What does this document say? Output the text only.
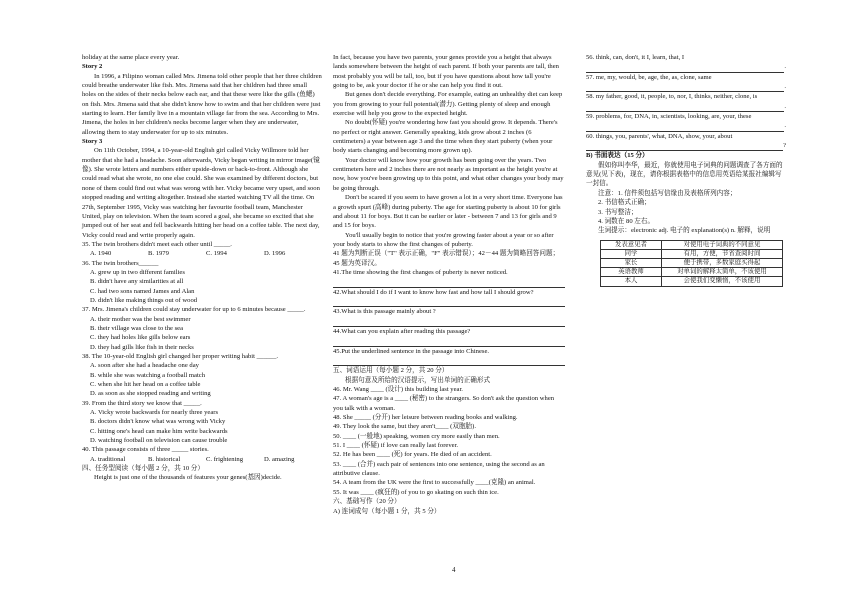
holiday at the same place every year.

Story 2

In 1996, a Filipino woman called Mrs. Jimena told other people that her three children could breathe underwater like fish. Mrs. Jimena said that her children had three small holes on the sides of their necks below each ear, and that these were like the gills (鱼鳃) on fish. Mrs. Jimena said that she didn't know how to swim and that her children were just starting to learn. Her family live in a mountain village far from the sea. According to Mrs. Jimena, the holes in her children's necks become larger when they are underwater, allowing them to stay underwater for up to six minutes.

Story 3

On 11th October, 1994, a 10-year-old English girl called Vicky Willmore told her mother that she had a headache. Soon afterwards, Vicky began writing in mirror image(镜像). She wrote letters and numbers either upside-down or back-to-front. Although she could read what she wrote, no one else could. She was examined by different doctors, but none of them could find out what was wrong with her. Vicky became very upset, and soon stopped reading and writing altogether. Instead she started watching TV all the time. On 27th, September 1995, Vicky was watching her favourite football team, Manchester United, play on television. When the team scored a goal, she became so excited that she jumped out of her seat and fell backwards hitting her head on a coffee table. The next day, Vicky could read and write properly again.

35. The twin brothers didn't meet each other until _____.

A. 1940	B. 1979	C. 1994	D. 1996

36. The twin brothers______

A. grew up in two different families

B. didn't have any similarities at all

C. had two sons named James and Alan

D. didn't like making things out of wood

37. Mrs. Jimena's children could stay underwater for up to 6 minutes because _____.

A. their mother was the best swimmer

B. their village was close to the sea

C. they had holes like gills below ears

D. they had gills like fish in their necks

38. The 10-year-old English girl changed her proper writing habit ______.

A. soon after she had a headache one day

B. while she was watching a football match

C. when she hit her head on a coffee table

D. as soon as she stopped reading and writing

39. From the third story we know that _____.

A. Vicky wrote backwards for nearly three years

B. doctors didn't know what was wrong with Vicky

C. hitting one's head can make him write backwards

D. watching football on television can cause trouble

40. This passage consists of three _____ stories.

A. traditional	B. historical	C. frightening	D. amazing

四、任务型阅读（每小题 2 分，共 10 分）

Height is just one of the thousands of features your genes(基因)decide.

In fact, because you have two parents, your genes provide you a height that always lands somewhere between the height of each parent. If both your parents are tall, then most probably you will be tall, too, but if you have questions about how tall you're going to be, ask your doctor if he or she can help you find it out.

But genes don't decide everything. For example, eating an unhealthy diet can keep you from growing to your full potential(潜力). Getting plenty of sleep and enough exercise will help you grow to the expected height.

No doubt(怀疑) you're wondering how fast you should grow. It depends. There's no perfect or right answer. Generally speaking, kids grow about 2 inches (6 centimeters) a year between age 3 and the time when they start puberty (when your body starts changing and becoming more grown up).

Your doctor will know how your growth has been going over the years. Two centimeters here and 2 inches there are not nearly as important as the height you're at now, how you've been growing up to this point, and what other changes your body may be going through.

Don't be scared if you seem to have grown a lot in a very short time. Everyone has a growth spurt (高峰) during puberty. The age for starting puberty is about 10 for girls and about 11 for boys. But it can be earlier or later - between 7 and 13 for girls and 9 and 15 for boys.

You'll usually begin to notice that you're growing faster about a year or so after your body starts to show the first changes of puberty.

41 题为判断正误（"T" 表示正确，"F" 表示错误）；42－44 题为简略回答问题；45 题为英译汉。

41.The time showing the first changes of puberty is never noticed.

42.What should I do if I want to know how fast and how tall I should grow?

43.What is this passage mainly about ?

44.What can you explain after reading this passage?

45.Put the underlined sentence in the passage into Chinese.

五、词语运用（每小题 2 分，共 20 分）

根据句意及所给的汉语提示，写出单词的正确形式

46. Mr. Wang ____ (设计) this building last year.

47. A woman's age is a ____ (秘密) to the strangers. So don't ask the question when you talk with a woman.

48. She _____ (分开) her leisure between reading books and walking.

49. They look the same, but they aren't____ (双胞胎).

50. ____ (一般地) speaking, women cry more easily than men.

51. I ____ (怀疑) if love can really last forever.

52. He has been ____ (死) for years. He died of an accident.

53. ____ (合并) each pair of sentences into one sentence, using the second as an attributive clause.

54. A team from the UK were the first to successfully ____(克隆) an animal.

55. It was ____ (疯狂的) of you to go skating on such thin ice.

六、基础写作（20 分）

A) 连词成句（每小题 1 分，共 5 分）

56. think, can, don't, it I, learn, that, I

.

57. me, my, would, be, age, the, as, clone, same

.

58. my father, good, it, people, to, nor, I, thinks, neither, clone, is

.

59. problems, for, DNA, in, scientists, looking, are, your, these

.

60. things, you, parents', what, DNA, show, your, about

?

B) 书面表达（15 分）

假如你叫李华，最近，你就使用电子词典的问题调查了各方面的意见(见下表)，现在，请你根据表格中的信息用英语给某报社编辑写一封信。

注意：1. 信件须包括写信缘由及表格所列内容；

2. 书信格式正确；

3. 书写整洁；

4. 词数在 80 左右。

生词提示：electronic adj. 电子的 explanation(s) n. 解释，说明

发表意见者	对使用电子词典的不同意见
同学	有用，方便，节省查阅时间
家长	便于携带，多数家庭买得起
英语教师	对单词的解释太简单，不该使用
本人	会使我们变懒惰，不该使用
4
